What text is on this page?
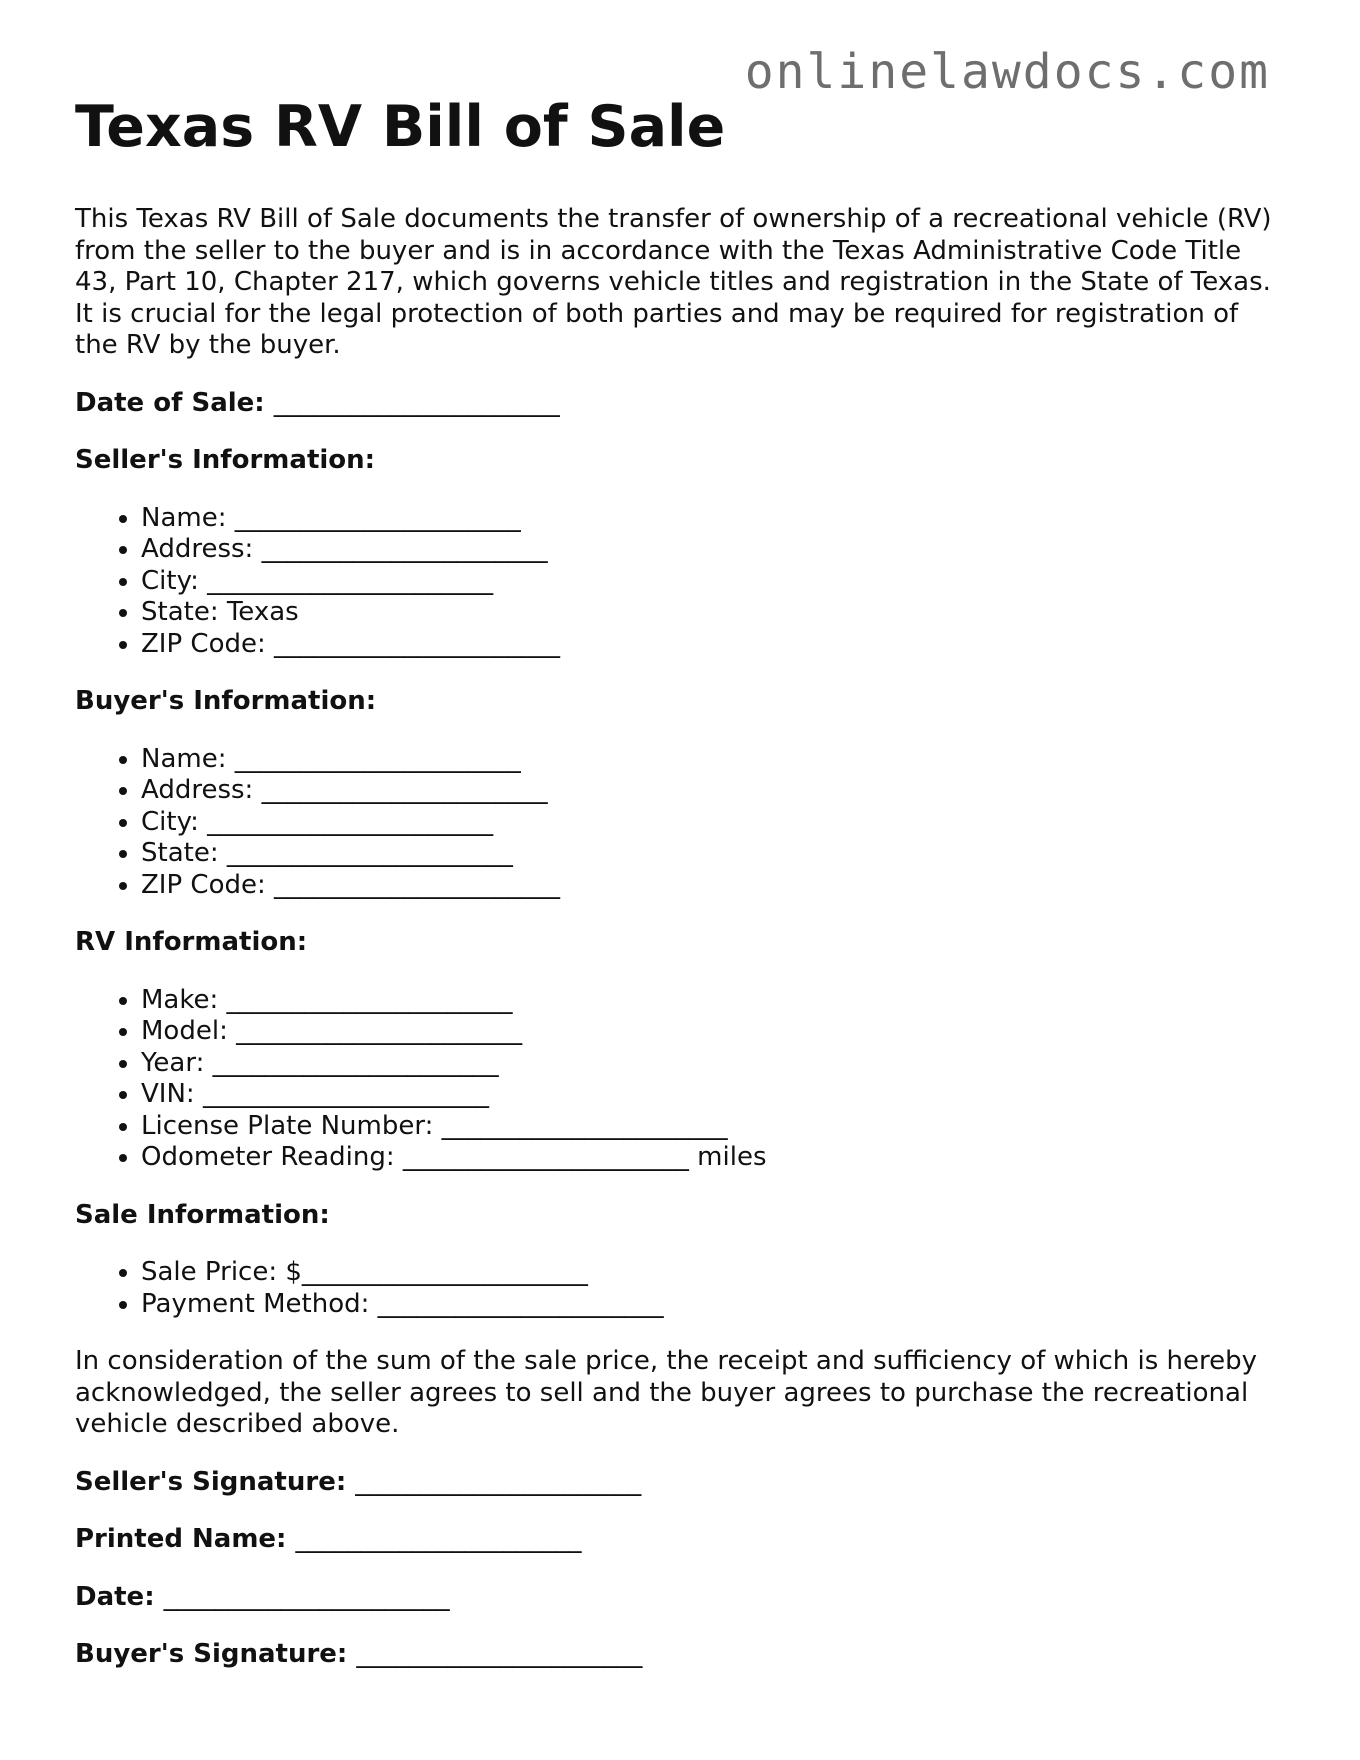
onlinelawdocs.com
Texas RV Bill of Sale

This Texas RV Bill of Sale documents the transfer of ownership of a recreational vehicle (RV) from the seller to the buyer and is in accordance with the Texas Administrative Code Title 43, Part 10, Chapter 217, which governs vehicle titles and registration in the State of Texas. It is crucial for the legal protection of both parties and may be required for registration of the RV by the buyer.

Date of Sale: ______________________
Seller's Information:
• Name: ______________________
• Address: ______________________
• City: ______________________
• State: Texas
• ZIP Code: ______________________
Buyer's Information:
• Name: ______________________
• Address: ______________________
• City: ______________________
• State: ______________________
• ZIP Code: ______________________
RV Information:
• Make: ______________________
• Model: ______________________
• Year: ______________________
• VIN: ______________________
• License Plate Number: ______________________
• Odometer Reading: ______________________ miles
Sale Information:
• Sale Price: $______________________
• Payment Method: ______________________

In consideration of the sum of the sale price, the receipt and sufficiency of which is hereby acknowledged, the seller agrees to sell and the buyer agrees to purchase the recreational vehicle described above.

Seller's Signature: ______________________
Printed Name: ______________________
Date: ______________________
Buyer's Signature: ______________________
